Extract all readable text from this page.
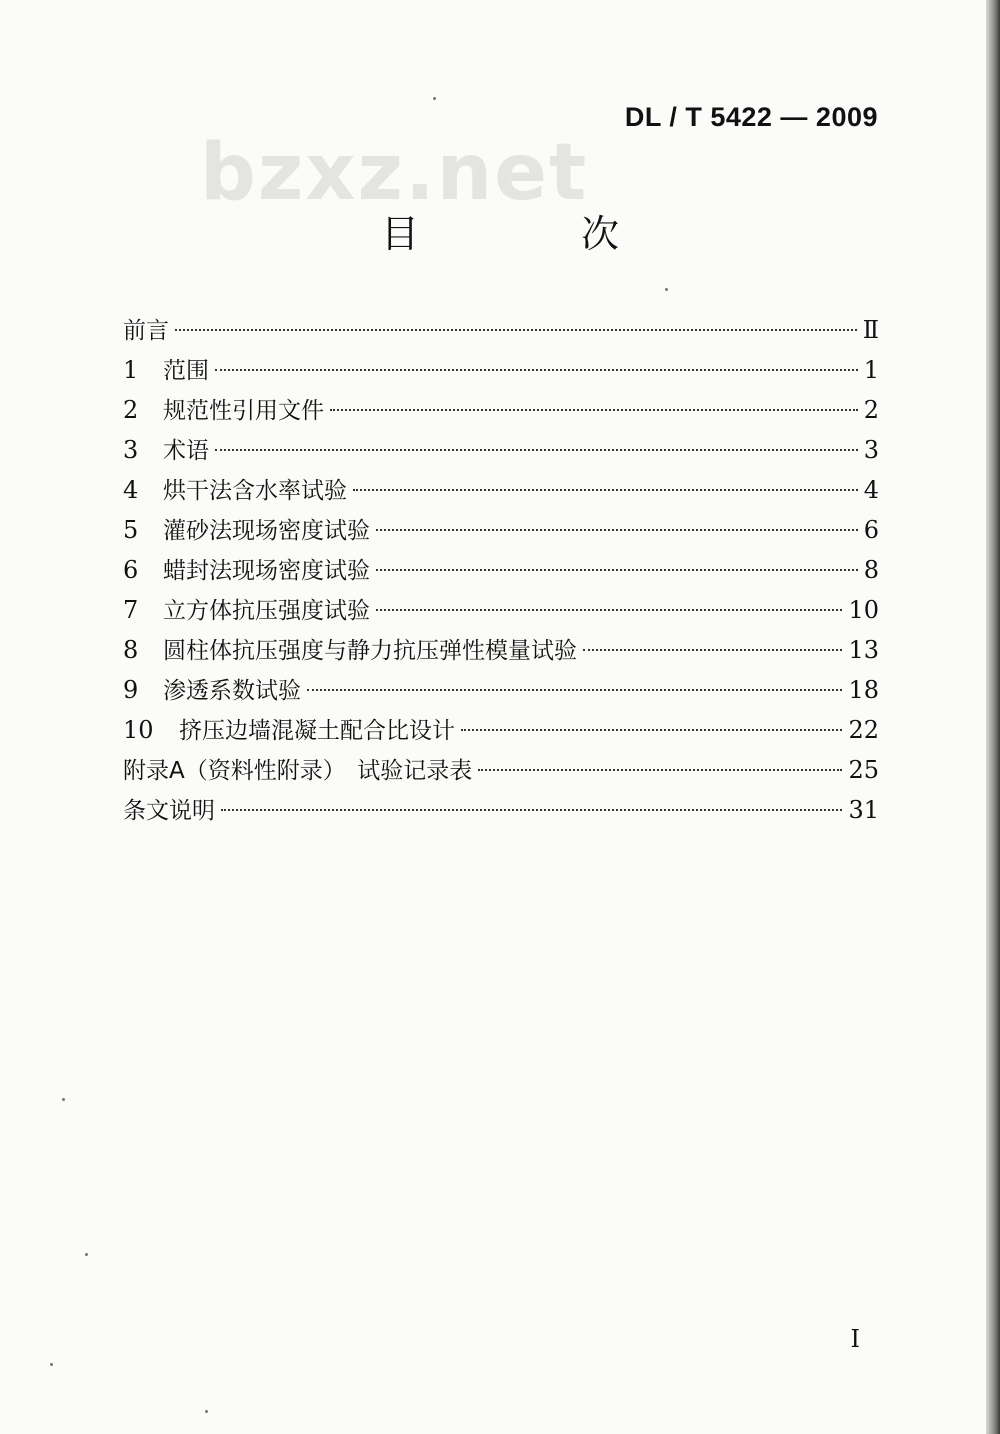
DL / T 5422 — 2009
bzxz.net
目　次
前言	Ⅱ
1	范围	1
2	规范性引用文件	2
3	术语	3
4	烘干法含水率试验	4
5	灌砂法现场密度试验	6
6	蜡封法现场密度试验	8
7	立方体抗压强度试验	10
8	圆柱体抗压强度与静力抗压弹性模量试验	13
9	渗透系数试验	18
10	挤压边墙混凝土配合比设计	22
附录A（资料性附录）　试验记录表	25
条文说明	31
I
